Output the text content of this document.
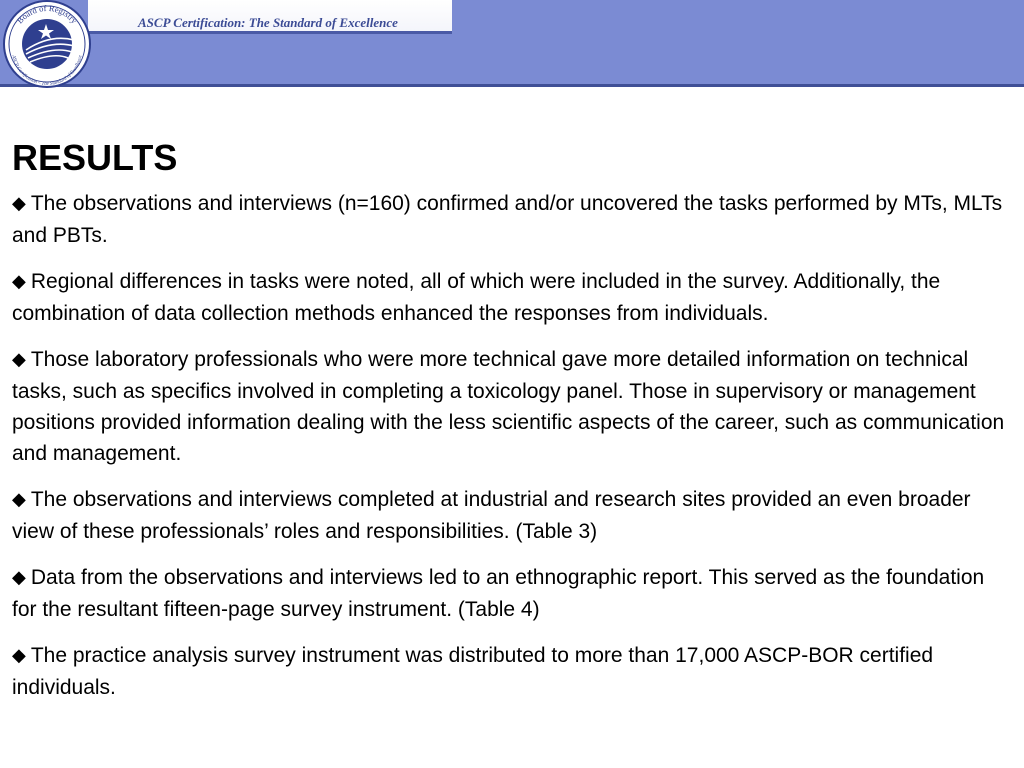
ASCP Certification: The Standard of Excellence
Board of Registry
ASCP Certification – The Standard of Excellence
RESULTS
◆ The observations and interviews (n=160) confirmed and/or uncovered the tasks performed by MTs, MLTs and PBTs.
◆ Regional differences in tasks were noted, all of which were included in the survey. Additionally, the combination of data collection methods enhanced the responses from individuals.
◆ Those laboratory professionals who were more technical gave more detailed information on technical tasks, such as specifics involved in completing a toxicology panel. Those in supervisory or management positions provided information dealing with the less scientific aspects of the career, such as communication and management.
◆ The observations and interviews completed at industrial and research sites provided an even broader view of these professionals’ roles and responsibilities. (Table 3)
◆ Data from the observations and interviews led to an ethnographic report. This served as the foundation for the resultant fifteen-page survey instrument. (Table 4)
◆ The practice analysis survey instrument was distributed to more than 17,000 ASCP-BOR certified individuals.
